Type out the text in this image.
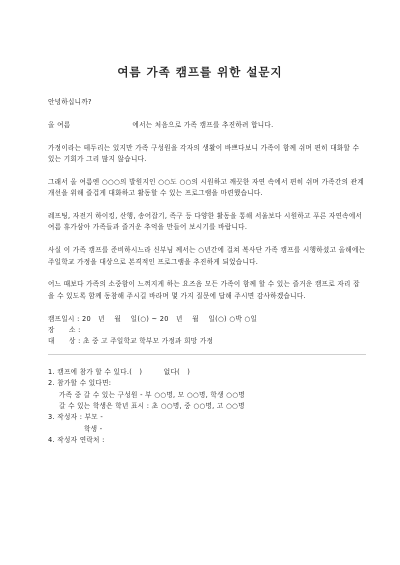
여름 가족 캠프를 위한 설문지

안녕하십니까?

올 여름	에서는 처음으로 가족 캠프를 추진하려 합니다.

가정이라는 테두리는 있지만 가족 구성원을 각자의 생활이 바쁘다보니 가족이 함께 쉬며 편히 대화할 수 있는 기회가 그리 많지 않습니다.

그래서 올 여름엔 ○○○의 발원지인 ○○도 ○○의 시원하고 깨끗한 자연 속에서 편히 쉬며 가족간의 관계 개선을 위해 즐겁게 대화하고 활동할 수 있는 프로그램을 마련했습니다.

레프팅, 자전거 하이킹, 산행, 송어잡기, 족구 등 다양한 활동을 통해 서울보다 시원하고 푸른 자연속에서 여름 휴가삼아 가족들과 즐거운 추억을 만들어 보시기를 바랍니다.

사실 이 가족 캠프를 준비하시느라 신부님 께서는 ○년간에 걸쳐 복사단 가족 캠프를 시행하셨고 올해에는 주일학교 가정을 대상으로 본격적인 프로그램을 추진하게 되었습니다.

어느 때보다 가족의 소중함이 느껴지게 하는 요즈음 모든 가족이 함께 할 수 있는 즐거운 캠프로 자리 잡을 수 있도록 함께 동참해 주시길 바라며 몇 가지 질문에 답해 주시면 감사하겠습니다.

캠프일시 : 20   년    월    일(○) ~ 20   년    월    일(○) ○박 ○일
장      소 :
대      상 : 초 중 고 주일학교 학부모 가정과 희망 가정
1. 캠프에 참가 할 수 있다.(   )         없다(   )
2. 참가할 수 있다면:
가족 중 갈 수 있는 구성원 - 부 ○○명, 모 ○○명, 학생 ○○명
갈 수 있는 학생은 학년 표시 : 초 ○○명, 중 ○○명, 고 ○○명
3. 작성자 : 부모 -
학생 -
4. 작성자 연락처 :
